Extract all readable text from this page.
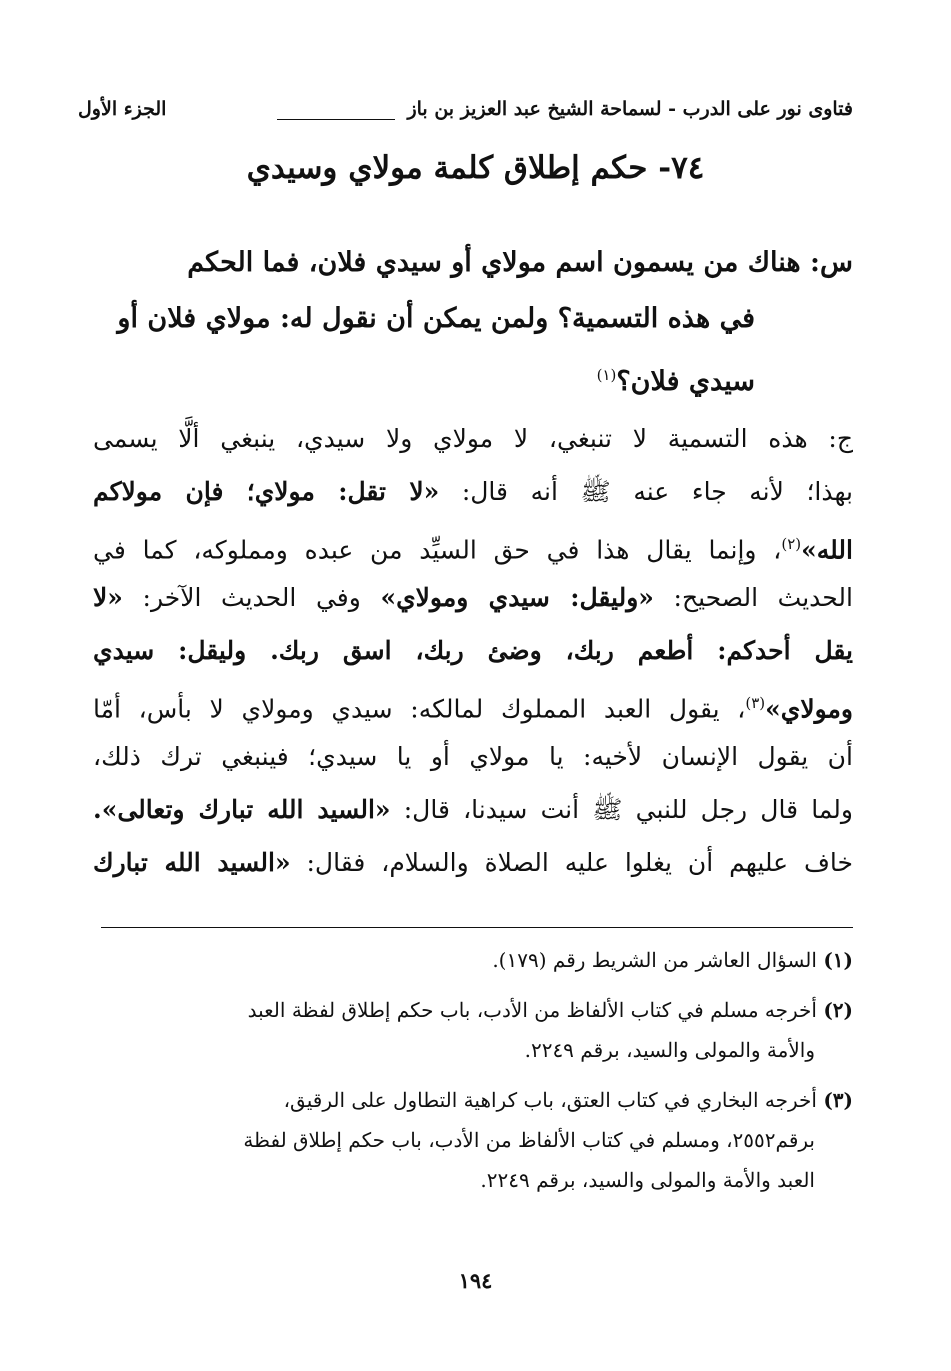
فتاوى نور على الدرب - لسماحة الشيخ عبد العزيز بن باز
الجزء الأول
٧٤- حكم إطلاق كلمة مولاي وسيدي
س: هناك من يسمون اسم مولاي أو سيدي فلان، فما الحكم
في هذه التسمية؟ ولمن يمكن أن نقول له: مولاي فلان أو
سيدي فلان؟$^{(١)}$
ج: هذه التسمية لا تنبغي، لا مولاي ولا سيدي، ينبغي ألَّا يسمى
بهذا؛ لأنه جاء عنه ﷺ أنه قال: «لا تقل: مولاي؛ فإن مولاكم
الله»$^{(٢)}$، وإنما يقال هذا في حق السيِّد من عبده ومملوكه، كما في
الحديث الصحيح: «وليقل: سيدي ومولاي» وفي الحديث الآخر: «لا
يقل أحدكم: أطعم ربك، وضئ ربك، اسق ربك. وليقل: سيدي
ومولاي»$^{(٣)}$، يقول العبد المملوك لمالكه: سيدي ومولاي لا بأس، أمّا
أن يقول الإنسان لأخيه: يا مولاي أو يا سيدي؛ فينبغي ترك ذلك،
ولما قال رجل للنبي ﷺ أنت سيدنا، قال: «السيد الله تبارك وتعالى».
خاف عليهم أن يغلوا عليه الصلاة والسلام، فقال: «السيد الله تبارك
(١) السؤال العاشر من الشريط رقم (١٧٩).
(٢) أخرجه مسلم في كتاب الألفاظ من الأدب، باب حكم إطلاق لفظة العبد
والأمة والمولى والسيد، برقم ٢٢٤٩.
(٣) أخرجه البخاري في كتاب العتق، باب كراهية التطاول على الرقيق،
برقم٢٥٥٢، ومسلم في كتاب الألفاظ من الأدب، باب حكم إطلاق لفظة
العبد والأمة والمولى والسيد، برقم ٢٢٤٩.
١٩٤
